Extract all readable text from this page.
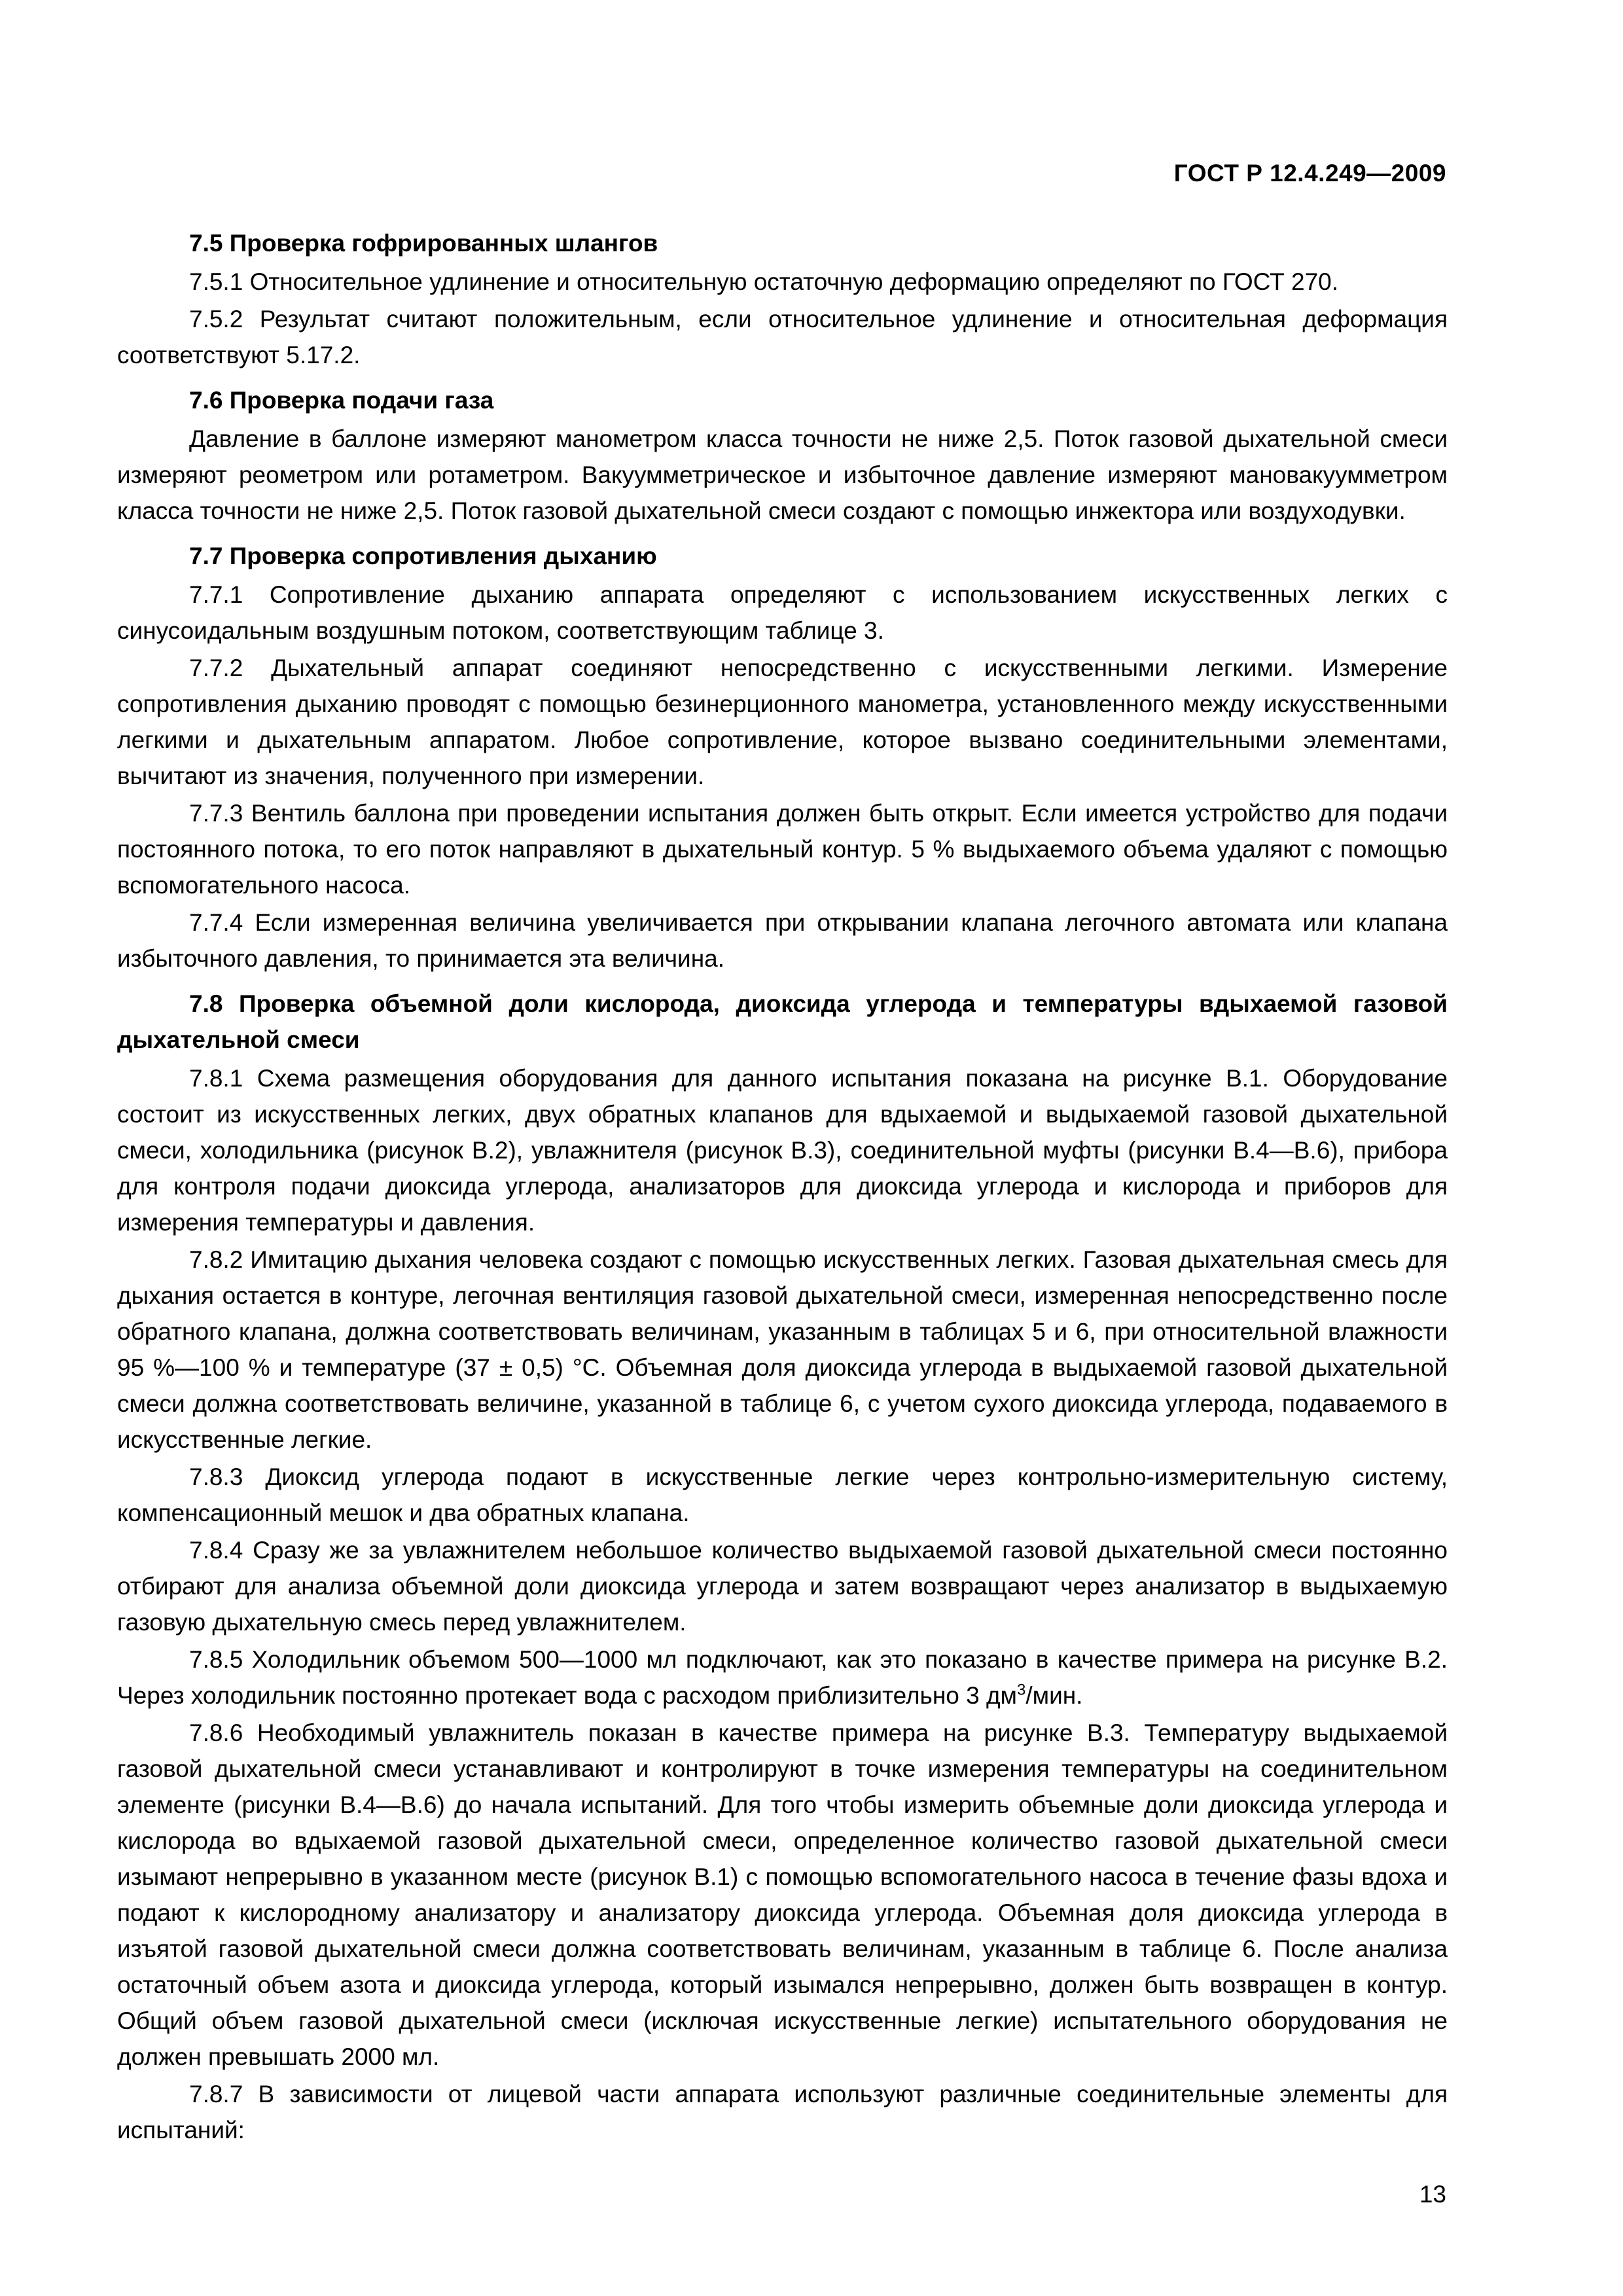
ГОСТ Р 12.4.249—2009
7.5 Проверка гофрированных шлангов

7.5.1 Относительное удлинение и относительную остаточную деформацию определяют по ГОСТ 270.

7.5.2 Результат считают положительным, если относительное удлинение и относительная деформация соответствуют 5.17.2.

7.6 Проверка подачи газа

Давление в баллоне измеряют манометром класса точности не ниже 2,5. Поток газовой дыхательной смеси измеряют реометром или ротаметром. Вакуумметрическое и избыточное давление измеряют мановакуумметром класса точности не ниже 2,5. Поток газовой дыхательной смеси создают с помощью инжектора или воздуходувки.

7.7 Проверка сопротивления дыханию

7.7.1 Сопротивление дыханию аппарата определяют с использованием искусственных легких с синусоидальным воздушным потоком, соответствующим таблице 3.

7.7.2 Дыхательный аппарат соединяют непосредственно с искусственными легкими. Измерение сопротивления дыханию проводят с помощью безинерционного манометра, установленного между искусственными легкими и дыхательным аппаратом. Любое сопротивление, которое вызвано соединительными элементами, вычитают из значения, полученного при измерении.

7.7.3 Вентиль баллона при проведении испытания должен быть открыт. Если имеется устройство для подачи постоянного потока, то его поток направляют в дыхательный контур. 5 % выдыхаемого объема удаляют с помощью вспомогательного насоса.

7.7.4 Если измеренная величина увеличивается при открывании клапана легочного автомата или клапана избыточного давления, то принимается эта величина.

7.8 Проверка объемной доли кислорода, диоксида углерода и температуры вдыхаемой газовой дыхательной смеси

7.8.1 Схема размещения оборудования для данного испытания показана на рисунке В.1. Оборудование состоит из искусственных легких, двух обратных клапанов для вдыхаемой и выдыхаемой газовой дыхательной смеси, холодильника (рисунок В.2), увлажнителя (рисунок В.3), соединительной муфты (рисунки В.4—В.6), прибора для контроля подачи диоксида углерода, анализаторов для диоксида углерода и кислорода и приборов для измерения температуры и давления.

7.8.2 Имитацию дыхания человека создают с помощью искусственных легких. Газовая дыхательная смесь для дыхания остается в контуре, легочная вентиляция газовой дыхательной смеси, измеренная непосредственно после обратного клапана, должна соответствовать величинам, указанным в таблицах 5 и 6, при относительной влажности 95 %—100 % и температуре (37 ± 0,5) °С. Объемная доля диоксида углерода в выдыхаемой газовой дыхательной смеси должна соответствовать величине, указанной в таблице 6, с учетом сухого диоксида углерода, подаваемого в искусственные легкие.

7.8.3 Диоксид углерода подают в искусственные легкие через контрольно-измерительную систему, компенсационный мешок и два обратных клапана.

7.8.4 Сразу же за увлажнителем небольшое количество выдыхаемой газовой дыхательной смеси постоянно отбирают для анализа объемной доли диоксида углерода и затем возвращают через анализатор в выдыхаемую газовую дыхательную смесь перед увлажнителем.

7.8.5 Холодильник объемом 500—1000 мл подключают, как это показано в качестве примера на рисунке В.2. Через холодильник постоянно протекает вода с расходом приблизительно 3 $дм^3$/мин.

7.8.6 Необходимый увлажнитель показан в качестве примера на рисунке В.3. Температуру выдыхаемой газовой дыхательной смеси устанавливают и контролируют в точке измерения температуры на соединительном элементе (рисунки В.4—В.6) до начала испытаний. Для того чтобы измерить объемные доли диоксида углерода и кислорода во вдыхаемой газовой дыхательной смеси, определенное количество газовой дыхательной смеси изымают непрерывно в указанном месте (рисунок В.1) с помощью вспомогательного насоса в течение фазы вдоха и подают к кислородному анализатору и анализатору диоксида углерода. Объемная доля диоксида углерода в изъятой газовой дыхательной смеси должна соответствовать величинам, указанным в таблице 6. После анализа остаточный объем азота и диоксида углерода, который изымался непрерывно, должен быть возвращен в контур. Общий объем газовой дыхательной смеси (исключая искусственные легкие) испытательного оборудования не должен превышать 2000 мл.

7.8.7 В зависимости от лицевой части аппарата используют различные соединительные элементы для испытаний:

13
